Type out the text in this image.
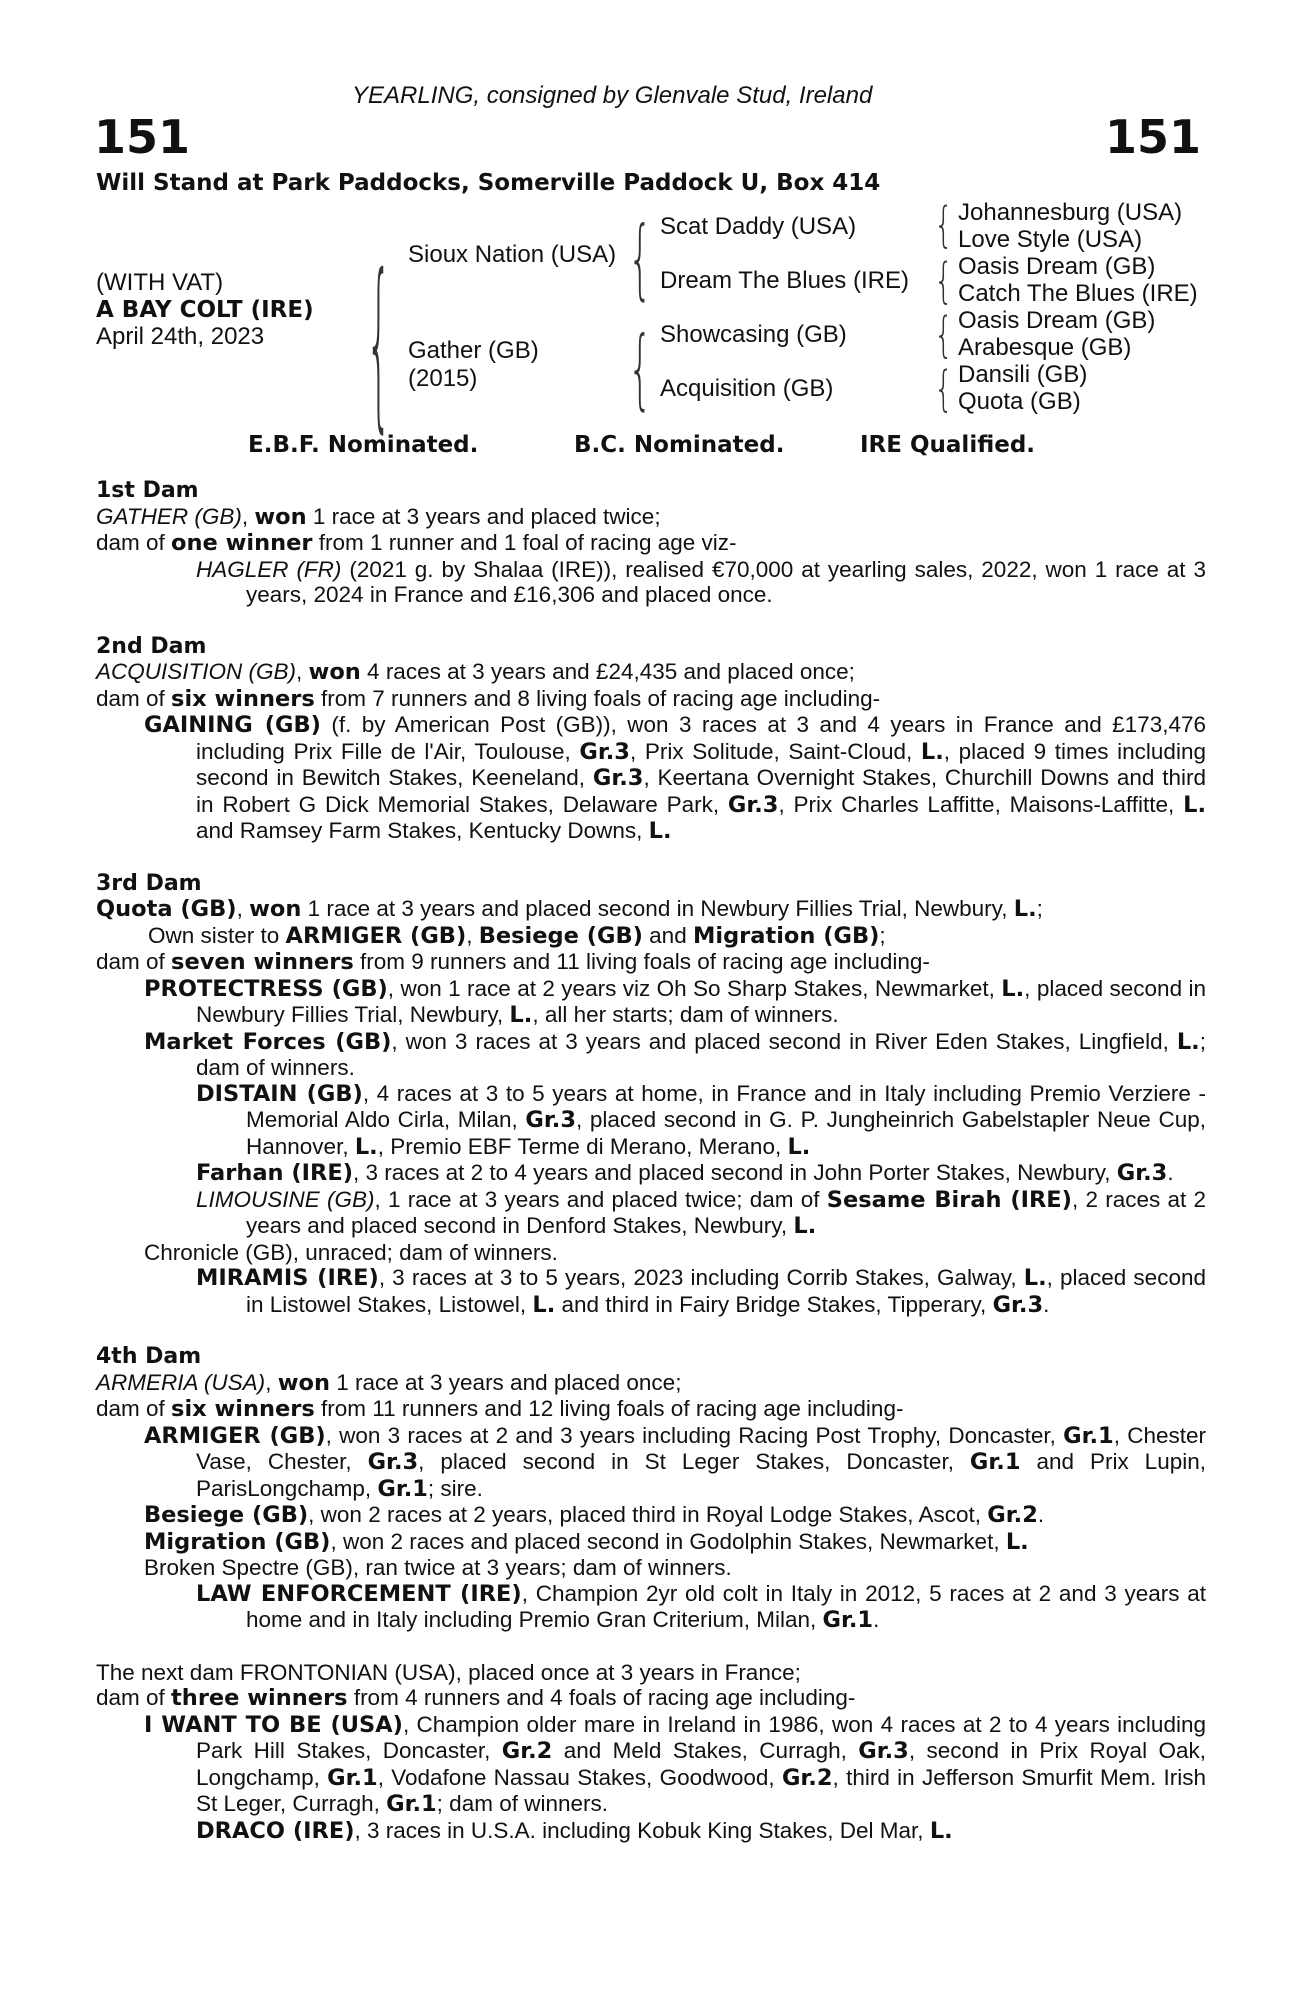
YEARLING, consigned by Glenvale Stud, Ireland
151	151
Will Stand at Park Paddocks, Somerville Paddock U, Box 414
(WITH VAT)
A BAY COLT (IRE)
April 24th, 2023	{ Sioux Nation (USA)
Gather (GB)
(2015)
{
{
Scat Daddy (USA)
Dream The Blues (IRE)
Showcasing (GB)
Acquisition (GB)
{
{
{
{
Johannesburg (USA)
Love Style (USA)
Oasis Dream (GB)
Catch The Blues (IRE)
Oasis Dream (GB)
Arabesque (GB)
Dansili (GB)
Quota (GB)
E.B.F. Nominated.	B.C. Nominated.	IRE Qualified.

1st Dam

GATHER (GB), won 1 race at 3 years and placed twice;

dam of one winner from 1 runner and 1 foal of racing age viz-

HAGLER (FR) (2021 g. by Shalaa (IRE)), realised €70,000 at yearling sales, 2022, won 1 race at 3 years, 2024 in France and £16,306 and placed once.

2nd Dam

ACQUISITION (GB), won 4 races at 3 years and £24,435 and placed once;

dam of six winners from 7 runners and 8 living foals of racing age including-

GAINING (GB) (f. by American Post (GB)), won 3 races at 3 and 4 years in France and £173,476 including Prix Fille de l'Air, Toulouse, Gr.3, Prix Solitude, Saint-Cloud, L., placed 9 times including second in Bewitch Stakes, Keeneland, Gr.3, Keertana Overnight Stakes, Churchill Downs and third in Robert G Dick Memorial Stakes, Delaware Park, Gr.3, Prix Charles Laffitte, Maisons-Laffitte, L. and Ramsey Farm Stakes, Kentucky Downs, L.

3rd Dam

Quota (GB), won 1 race at 3 years and placed second in Newbury Fillies Trial, Newbury, L.;

Own sister to ARMIGER (GB), Besiege (GB) and Migration (GB);

dam of seven winners from 9 runners and 11 living foals of racing age including-

PROTECTRESS (GB), won 1 race at 2 years viz Oh So Sharp Stakes, Newmarket, L., placed second in Newbury Fillies Trial, Newbury, L., all her starts; dam of winners.

Market Forces (GB), won 3 races at 3 years and placed second in River Eden Stakes, Lingfield, L.; dam of winners.

DISTAIN (GB), 4 races at 3 to 5 years at home, in France and in Italy including Premio Verziere - Memorial Aldo Cirla, Milan, Gr.3, placed second in G. P. Jungheinrich Gabelstapler Neue Cup, Hannover, L., Premio EBF Terme di Merano, Merano, L.

Farhan (IRE), 3 races at 2 to 4 years and placed second in John Porter Stakes, Newbury, Gr.3.

LIMOUSINE (GB), 1 race at 3 years and placed twice; dam of Sesame Birah (IRE), 2 races at 2 years and placed second in Denford Stakes, Newbury, L.

Chronicle (GB), unraced; dam of winners.

MIRAMIS (IRE), 3 races at 3 to 5 years, 2023 including Corrib Stakes, Galway, L., placed second in Listowel Stakes, Listowel, L. and third in Fairy Bridge Stakes, Tipperary, Gr.3.

4th Dam

ARMERIA (USA), won 1 race at 3 years and placed once;

dam of six winners from 11 runners and 12 living foals of racing age including-

ARMIGER (GB), won 3 races at 2 and 3 years including Racing Post Trophy, Doncaster, Gr.1, Chester Vase, Chester, Gr.3, placed second in St Leger Stakes, Doncaster, Gr.1 and Prix Lupin, ParisLongchamp, Gr.1; sire.

Besiege (GB), won 2 races at 2 years, placed third in Royal Lodge Stakes, Ascot, Gr.2.

Migration (GB), won 2 races and placed second in Godolphin Stakes, Newmarket, L.

Broken Spectre (GB), ran twice at 3 years; dam of winners.

LAW ENFORCEMENT (IRE), Champion 2yr old colt in Italy in 2012, 5 races at 2 and 3 years at home and in Italy including Premio Gran Criterium, Milan, Gr.1.

The next dam FRONTONIAN (USA), placed once at 3 years in France;

dam of three winners from 4 runners and 4 foals of racing age including-

I WANT TO BE (USA), Champion older mare in Ireland in 1986, won 4 races at 2 to 4 years including Park Hill Stakes, Doncaster, Gr.2 and Meld Stakes, Curragh, Gr.3, second in Prix Royal Oak, Longchamp, Gr.1, Vodafone Nassau Stakes, Goodwood, Gr.2, third in Jefferson Smurfit Mem. Irish St Leger, Curragh, Gr.1; dam of winners.

DRACO (IRE), 3 races in U.S.A. including Kobuk King Stakes, Del Mar, L.
